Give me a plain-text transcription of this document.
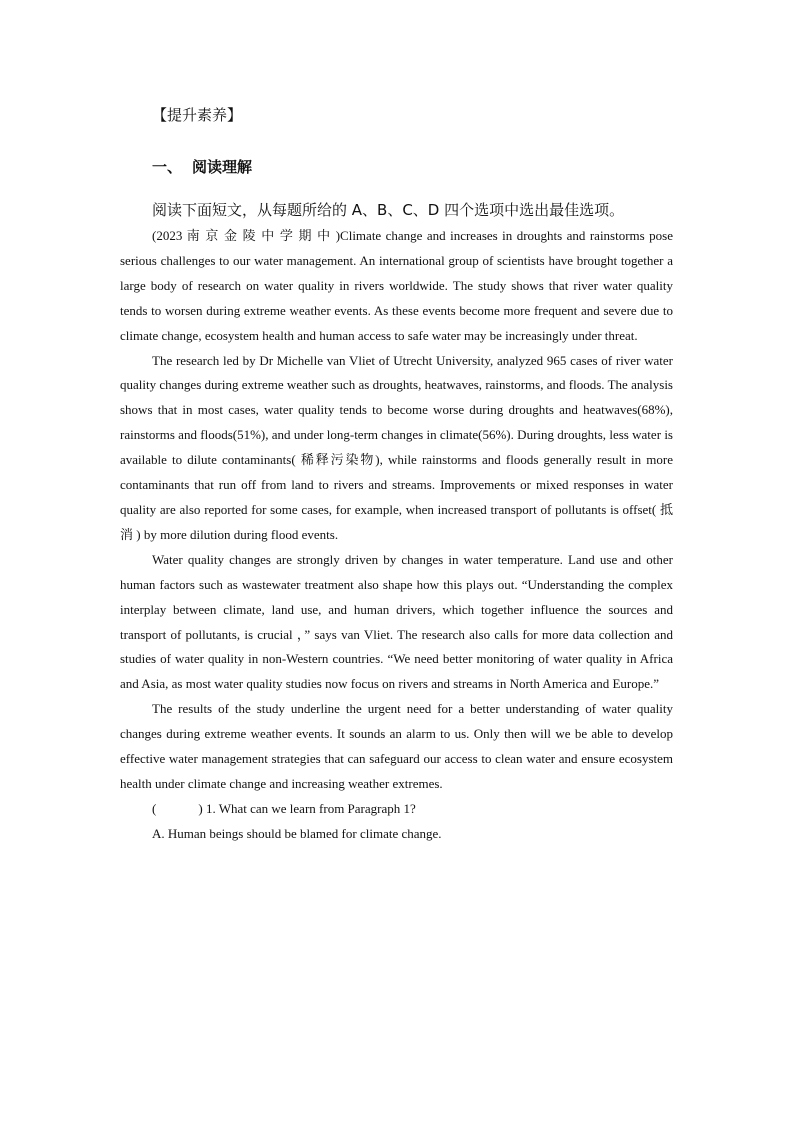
【提升素养】
一、 阅读理解
阅读下面短文，从每题所给的 A、B、C、D 四个选项中选出最佳选项。

(2023 南 京 金 陵 中 学 期 中 )Climate change and increases in droughts and rainstorms pose serious challenges to our water management. An international group of scientists have brought together a large body of research on water quality in rivers worldwide. The study shows that river water quality tends to worsen during extreme weather events. As these events become more frequent and severe due to climate change, ecosystem health and human access to safe water may be increasingly under threat.

The research led by Dr Michelle van Vliet of Utrecht University, analyzed 965 cases of river water quality changes during extreme weather such as droughts, heatwaves, rainstorms, and floods. The analysis shows that in most cases, water quality tends to become worse during droughts and heatwaves(68%), rainstorms and floods(51%), and under long-term changes in climate(56%). During droughts, less water is available to dilute contaminants( 稀释污染物), while rainstorms and floods generally result in more contaminants that run off from land to rivers and streams. Improvements or mixed responses in water quality are also reported for some cases, for example, when increased transport of pollutants is offset( 抵消 ) by more dilution during flood events.

Water quality changes are strongly driven by changes in water temperature. Land use and other human factors such as wastewater treatment also shape how this plays out. “Understanding the complex interplay between climate, land use, and human drivers, which together influence the sources and transport of pollutants, is crucial ，” says van Vliet. The research also calls for more data collection and studies of water quality in non-Western countries. “We need better monitoring of water quality in Africa and Asia, as most water quality studies now focus on rivers and streams in North America and Europe.”

The results of the study underline the urgent need for a better understanding of water quality changes during extreme weather events. It sounds an alarm to us. Only then will we be able to develop effective water management strategies that can safeguard our access to clean water and ensure ecosystem health under climate change and increasing weather extremes.

(	) 1. What can we learn from Paragraph 1?
A. Human beings should be blamed for climate change.
